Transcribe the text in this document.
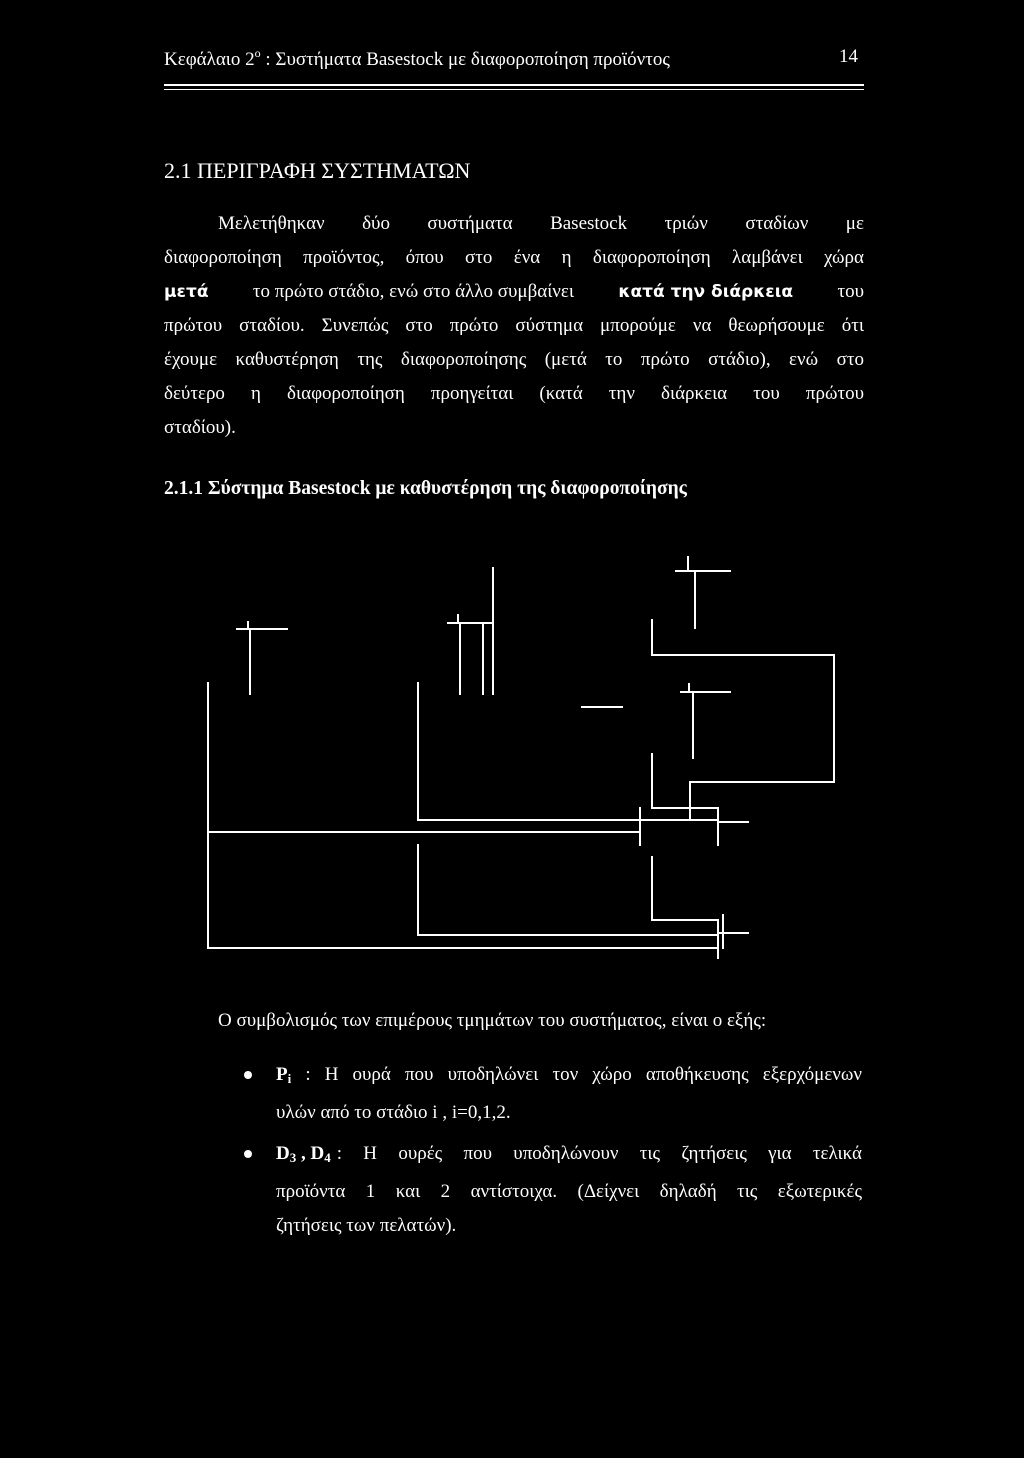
Κεφάλαιο $2^o$ : Συστήματα Basestock με διαφοροποίηση προϊόντος	14
2.1 ΠΕΡΙΓΡΑΦΗ ΣΥΣΤΗΜΑΤΩΝ
Μελετήθηκαν δύο συστήματα Basestock τριών σταδίων με
διαφοροποίηση προϊόντος, όπου στο ένα η διαφοροποίηση λαμβάνει χώρα
μετά το πρώτο στάδιο, ενώ στο άλλο συμβαίνει	κατά την διάρκεια του
πρώτου σταδίου. Συνεπώς στο πρώτο σύστημα μπορούμε να θεωρήσουμε ότι
έχουμε καθυστέρηση της διαφοροποίησης (μετά το πρώτο στάδιο), ενώ στο
δεύτερο η διαφοροποίηση προηγείται (κατά την διάρκεια του πρώτου
σταδίου).
2.1.1 Σύστημα Basestock με καθυστέρηση της διαφοροποίησης
Ο συμβολισμός των επιμέρους τμημάτων του συστήματος, είναι ο εξής:
$P_i$ : Η ουρά που υποδηλώνει τον χώρο αποθήκευσης εξερχόμενων
υλών από το στάδιο i , i=0,1,2.
$D_3$ , $D_4$ : Η ουρές που υποδηλώνουν τις ζητήσεις για τελικά
προϊόντα 1 και 2 αντίστοιχα. (Δείχνει δηλαδή τις εξωτερικές
ζητήσεις των πελατών).
